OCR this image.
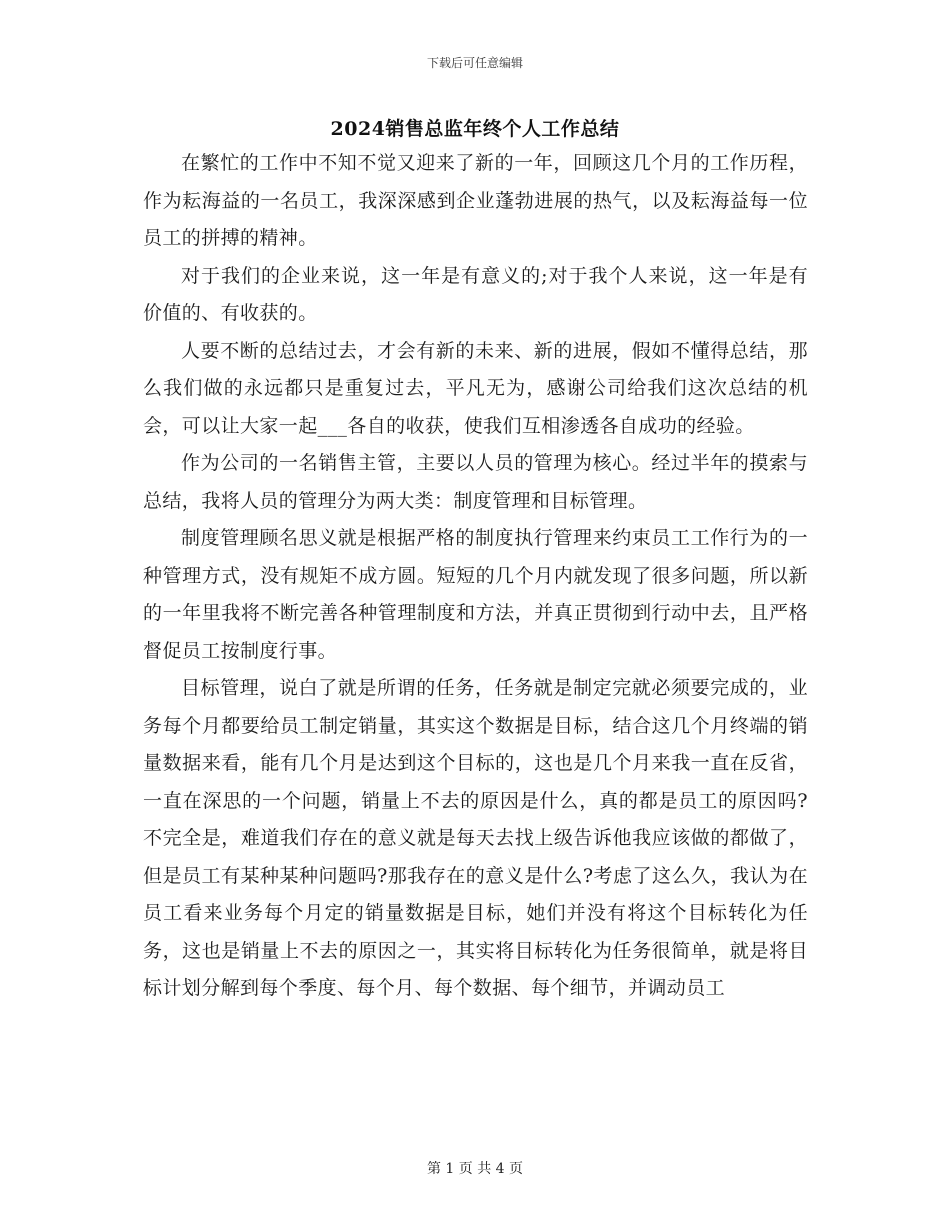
下载后可任意编辑
2024销售总监年终个人工作总结

在繁忙的工作中不知不觉又迎来了新的一年，回顾这几个月的工作历程，作为耘海益的一名员工，我深深感到企业蓬勃进展的热气，以及耘海益每一位员工的拼搏的精神。

对于我们的企业来说，这一年是有意义的;对于我个人来说，这一年是有价值的、有收获的。

人要不断的总结过去，才会有新的未来、新的进展，假如不懂得总结，那么我们做的永远都只是重复过去，平凡无为，感谢公司给我们这次总结的机会，可以让大家一起___各自的收获，使我们互相渗透各自成功的经验。

作为公司的一名销售主管，主要以人员的管理为核心。经过半年的摸索与总结，我将人员的管理分为两大类：制度管理和目标管理。

制度管理顾名思义就是根据严格的制度执行管理来约束员工工作行为的一种管理方式，没有规矩不成方圆。短短的几个月内就发现了很多问题，所以新的一年里我将不断完善各种管理制度和方法，并真正贯彻到行动中去，且严格督促员工按制度行事。

目标管理，说白了就是所谓的任务，任务就是制定完就必须要完成的，业务每个月都要给员工制定销量，其实这个数据是目标，结合这几个月终端的销量数据来看，能有几个月是达到这个目标的，这也是几个月来我一直在反省，一直在深思的一个问题，销量上不去的原因是什么，真的都是员工的原因吗?不完全是，难道我们存在的意义就是每天去找上级告诉他我应该做的都做了，但是员工有某种某种问题吗?那我存在的意义是什么?考虑了这么久，我认为在员工看来业务每个月定的销量数据是目标，她们并没有将这个目标转化为任务，这也是销量上不去的原因之一，其实将目标转化为任务很简单，就是将目标计划分解到每个季度、每个月、每个数据、每个细节，并调动员工

第 1 页 共 4 页
